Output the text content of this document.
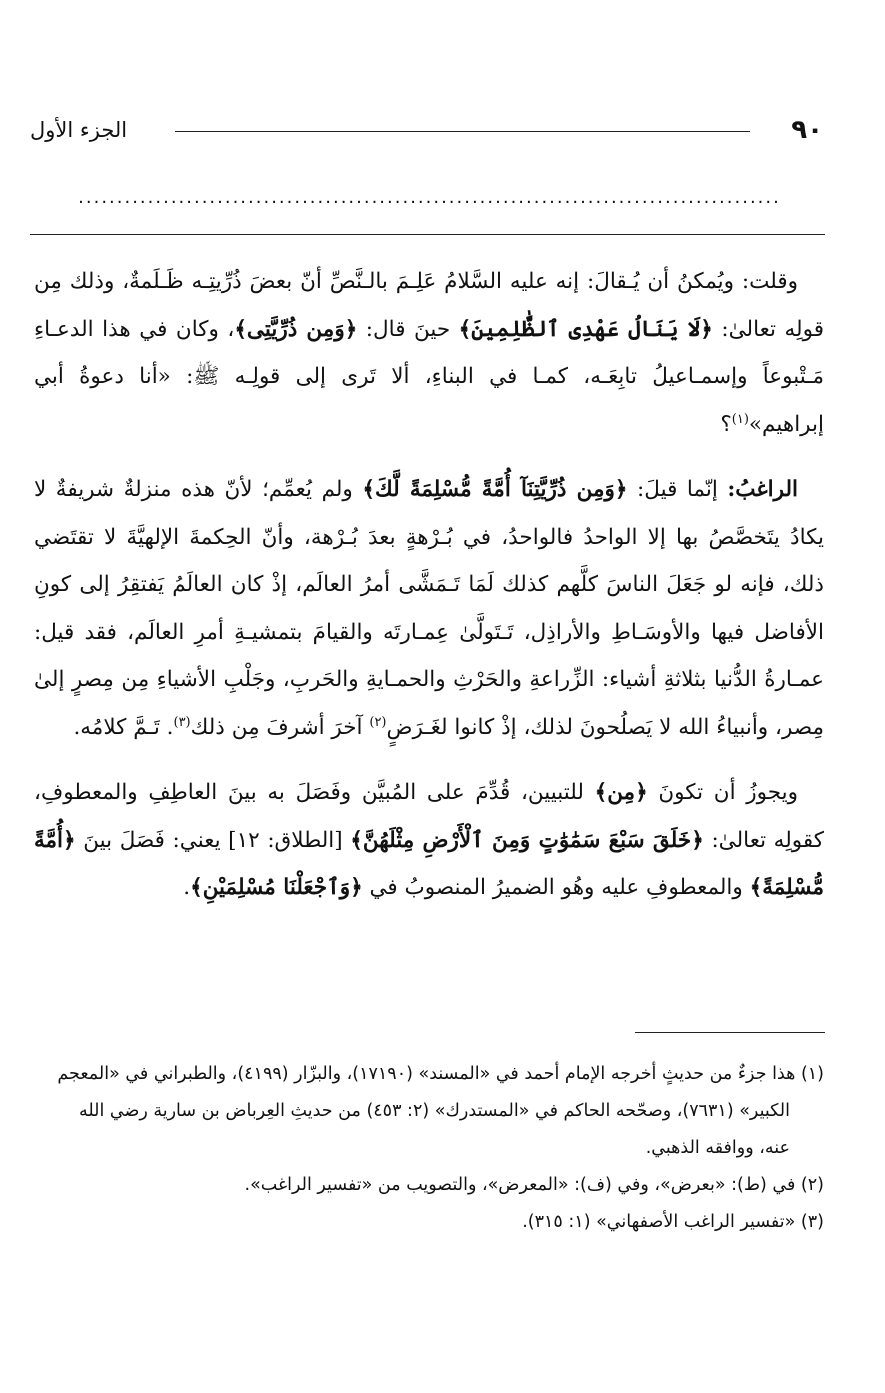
٩٠
الجزء الأول
...........................................................................................

وقلت: ويُمكنُ أن يُـقالَ: إنه عليه السَّلامُ عَلِـمَ بالـنَّصِّ أنّ بعضَ ذُرِّيتِـه ظَـلَمةٌ، وذلك مِن قولِه تعالىٰ: ﴿لَا يَنَالُ عَهْدِى ٱلظَّٰلِمِينَ﴾ حينَ قال: ﴿وَمِن ذُرِّيَّتِى﴾، وكان في هذا الدعـاءِ مَـتْبوعاً وإسمـاعيلُ تابِعَـه، كمـا في البناءِ، ألا تَرى إلى قولِـه ﷺ: «أنا دعوةُ أبي إبراهيم»$^{(١)}$؟

الراغبُ: إنّما قيلَ: ﴿وَمِن ذُرِّيَّتِنَآ أُمَّةً مُّسْلِمَةً لَّكَ﴾ ولم يُعمِّم؛ لأنّ هذه منزلةٌ شريفةٌ لا يكادُ يتَخصَّصُ بها إلا الواحدُ فالواحدُ، في بُـرْهةٍ بعدَ بُـرْهة، وأنّ الحِكمةَ الإلهيَّةَ لا تقتَضي ذلك، فإنه لو جَعَلَ الناسَ كلَّهم كذلك لَمَا تَـمَشَّى أمرُ العالَم، إذْ كان العالَمُ يَفتقِرُ إلى كونِ الأفاضل فيها والأوسَـاطِ والأراذِل، تَـتَولَّىٰ عِمـارتَه والقيامَ بتمشيـةِ أمرِ العالَم، فقد قيل: عمـارةُ الدُّنيا بثلاثةِ أشياء: الزِّراعةِ والحَرْثِ والحمـايةِ والحَربِ، وجَلْبِ الأشياءِ مِن مِصرٍ إلىٰ مِصر، وأنبياءُ الله لا يَصلُحونَ لذلك، إذْ كانوا لغَـرَضٍ$^{(٢)}$ آخرَ أشرفَ مِن ذلك$^{(٣)}$. تَـمَّ كلامُه.

ويجوزُ أن تكونَ ﴿مِن﴾ للتبيين، قُدِّمَ على المُبيَّن وفَصَلَ به بينَ العاطِفِ والمعطوفِ، كقولِه تعالىٰ: ﴿خَلَقَ سَبْعَ سَمَٰوَٰتٍ وَمِنَ ٱلْأَرْضِ مِثْلَهُنَّ﴾ [الطلاق: ١٢] يعني: فَصَلَ بينَ ﴿أُمَّةً مُّسْلِمَةً﴾ والمعطوفِ عليه وهُو الضميرُ المنصوبُ في ﴿وَٱجْعَلْنَا مُسْلِمَيْنِ﴾.

(١) هذا جزءٌ من حديثٍ أخرجه الإمام أحمد في «المسند» (١٧١٩٠)، والبزّار (٤١٩٩)، والطبراني في «المعجم

الكبير» (٧٦٣١)، وصحّحه الحاكم في «المستدرك» (٢: ٤٥٣) من حديثِ العِرباض بن سارية رضي الله

عنه، ووافقه الذهبي.

(٢) في (ط): «بعرض»، وفي (ف): «المعرض»، والتصويب من «تفسير الراغب».

(٣) «تفسير الراغب الأصفهاني» (١: ٣١٥).
